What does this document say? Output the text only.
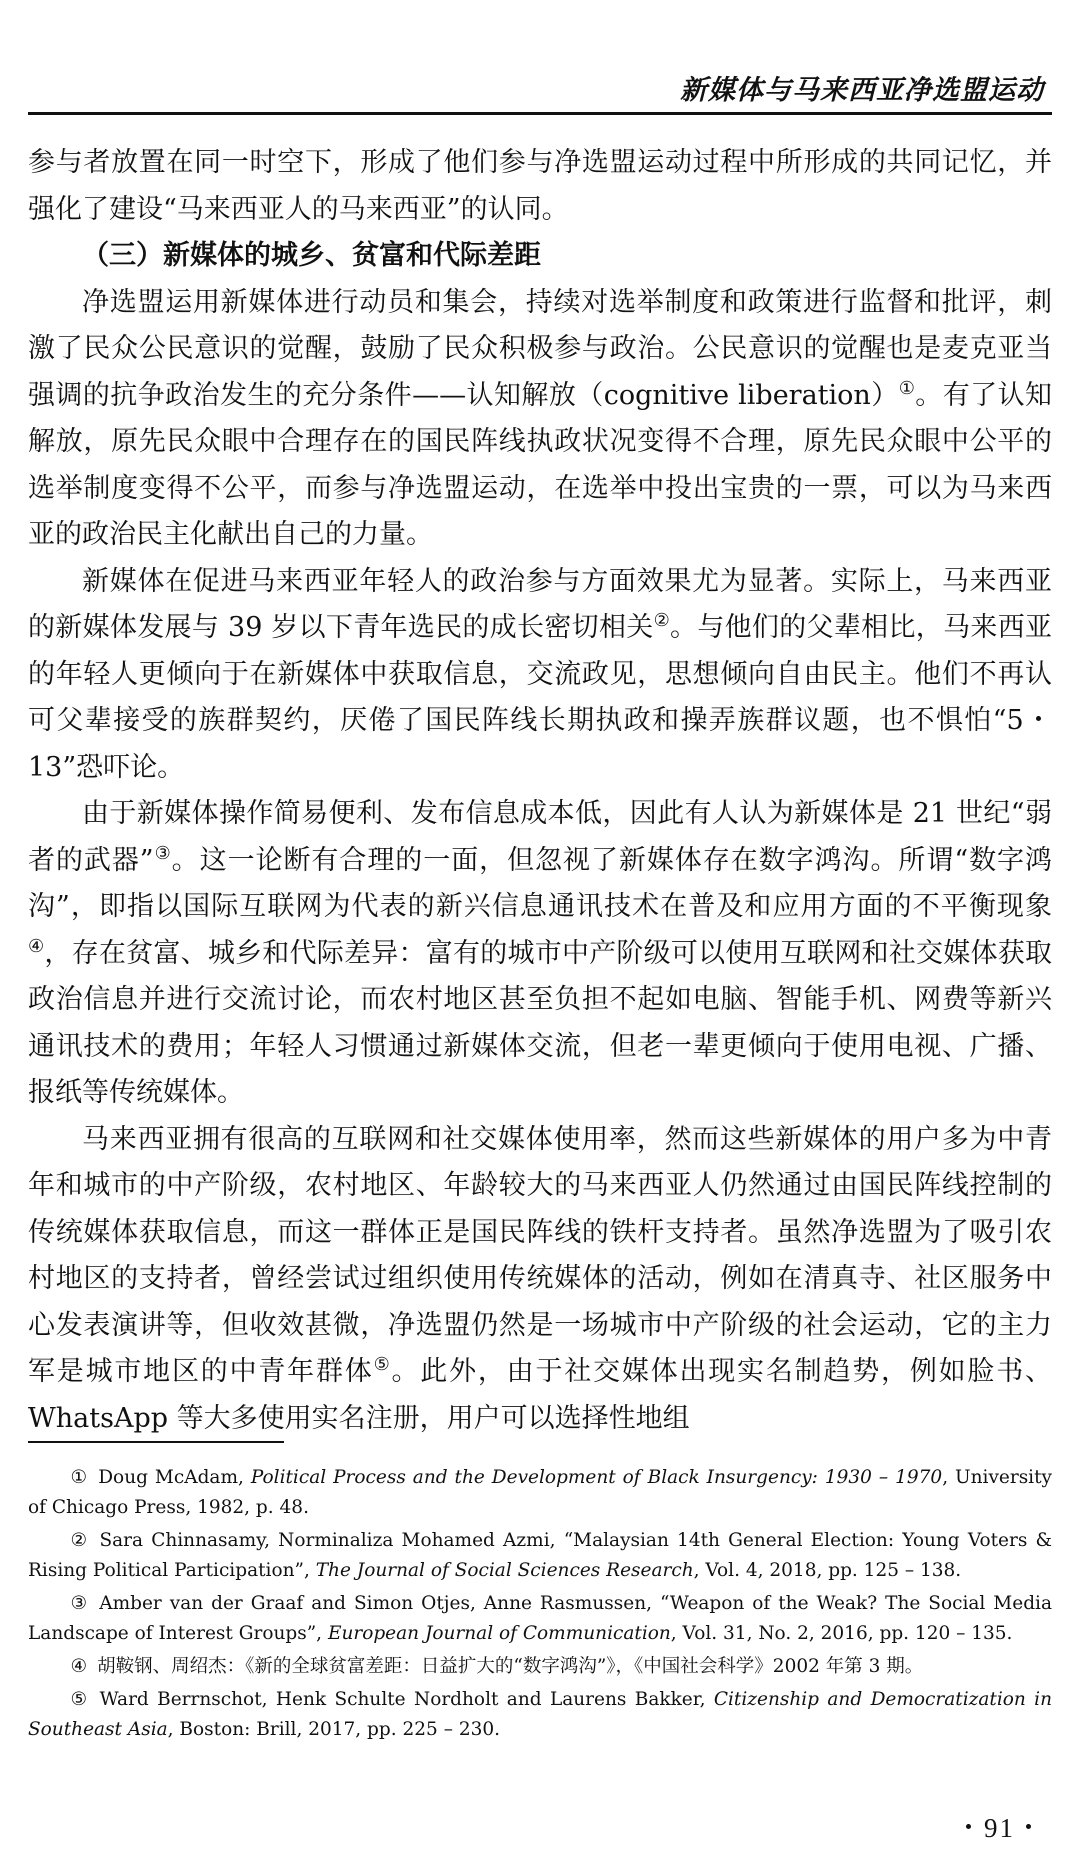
新媒体与马来西亚净选盟运动

参与者放置在同一时空下，形成了他们参与净选盟运动过程中所形成的共同记忆，并强化了建设“马来西亚人的马来西亚”的认同。

（三）新媒体的城乡、贫富和代际差距

净选盟运用新媒体进行动员和集会，持续对选举制度和政策进行监督和批评，刺激了民众公民意识的觉醒，鼓励了民众积极参与政治。公民意识的觉醒也是麦克亚当强调的抗争政治发生的充分条件——认知解放（cognitive liberation）①。有了认知解放，原先民众眼中合理存在的国民阵线执政状况变得不合理，原先民众眼中公平的选举制度变得不公平，而参与净选盟运动，在选举中投出宝贵的一票，可以为马来西亚的政治民主化献出自己的力量。

新媒体在促进马来西亚年轻人的政治参与方面效果尤为显著。实际上，马来西亚的新媒体发展与 39 岁以下青年选民的成长密切相关②。与他们的父辈相比，马来西亚的年轻人更倾向于在新媒体中获取信息，交流政见，思想倾向自由民主。他们不再认可父辈接受的族群契约，厌倦了国民阵线长期执政和操弄族群议题，也不惧怕“5・13”恐吓论。

由于新媒体操作简易便利、发布信息成本低，因此有人认为新媒体是 21 世纪“弱者的武器”③。这一论断有合理的一面，但忽视了新媒体存在数字鸿沟。所谓“数字鸿沟”，即指以国际互联网为代表的新兴信息通讯技术在普及和应用方面的不平衡现象④，存在贫富、城乡和代际差异：富有的城市中产阶级可以使用互联网和社交媒体获取政治信息并进行交流讨论，而农村地区甚至负担不起如电脑、智能手机、网费等新兴通讯技术的费用；年轻人习惯通过新媒体交流，但老一辈更倾向于使用电视、广播、报纸等传统媒体。

马来西亚拥有很高的互联网和社交媒体使用率，然而这些新媒体的用户多为中青年和城市的中产阶级，农村地区、年龄较大的马来西亚人仍然通过由国民阵线控制的传统媒体获取信息，而这一群体正是国民阵线的铁杆支持者。虽然净选盟为了吸引农村地区的支持者，曾经尝试过组织使用传统媒体的活动，例如在清真寺、社区服务中心发表演讲等，但收效甚微，净选盟仍然是一场城市中产阶级的社会运动，它的主力军是城市地区的中青年群体⑤。此外，由于社交媒体出现实名制趋势，例如脸书、WhatsApp 等大多使用实名注册，用户可以选择性地组

① Doug McAdam, Political Process and the Development of Black Insurgency: 1930 – 1970, University of Chicago Press, 1982, p. 48.

② Sara Chinnasamy, Norminaliza Mohamed Azmi, “Malaysian 14th General Election: Young Voters & Rising Political Participation”, The Journal of Social Sciences Research, Vol. 4, 2018, pp. 125 – 138.

③ Amber van der Graaf and Simon Otjes, Anne Rasmussen, “Weapon of the Weak? The Social Media Landscape of Interest Groups”, European Journal of Communication, Vol. 31, No. 2, 2016, pp. 120 – 135.

④ 胡鞍钢、周绍杰：《新的全球贫富差距：日益扩大的“数字鸿沟”》，《中国社会科学》2002 年第 3 期。

⑤ Ward Berrnschot, Henk Schulte Nordholt and Laurens Bakker, Citizenship and Democratization in Southeast Asia, Boston: Brill, 2017, pp. 225 – 230.

・91・
